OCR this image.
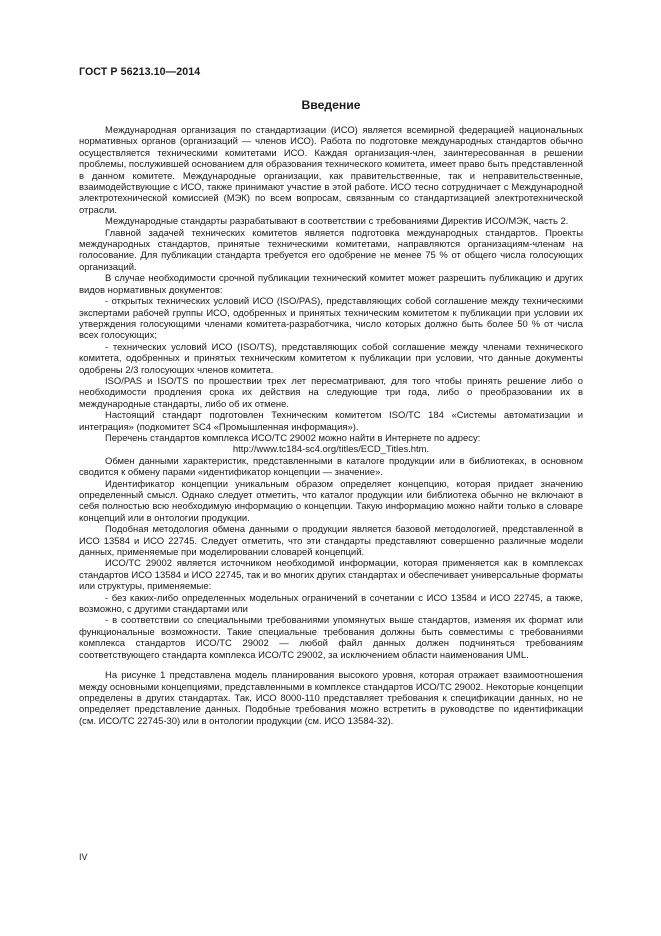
ГОСТ Р 56213.10—2014
Введение

Международная организация по стандартизации (ИСО) является всемирной федерацией национальных нормативных органов (организаций — членов ИСО). Работа по подготовке международных стандартов обычно осуществляется техническими комитетами ИСО. Каждая организация-член, заинтересованная в решении проблемы, послужившей основанием для образования технического комитета, имеет право быть представленной в данном комитете. Международные организации, как правительственные, так и неправительственные, взаимодействующие с ИСО, также принимают участие в этой работе. ИСО тесно сотрудничает с Международной электротехнической комиссией (МЭК) по всем вопросам, связанным со стандартизацией электротехнической отрасли.

Международные стандарты разрабатывают в соответствии с требованиями Директив ИСО/МЭК, часть 2.

Главной задачей технических комитетов является подготовка международных стандартов. Проекты международных стандартов, принятые техническими комитетами, направляются организациям-членам на голосование. Для публикации стандарта требуется его одобрение не менее 75 % от общего числа голосующих организаций.

В случае необходимости срочной публикации технический комитет может разрешить публикацию и других видов нормативных документов:

- открытых технических условий ИСО (ISO/PAS), представляющих собой соглашение между техническими экспертами рабочей группы ИСО, одобренных и принятых техническим комитетом к публикации при условии их утверждения голосующими членами комитета-разработчика, число которых должно быть более 50 % от числа всех голосующих;

- технических условий ИСО (ISO/TS), представляющих собой соглашение между членами технического комитета, одобренных и принятых техническим комитетом к публикации при условии, что данные документы одобрены 2/3 голосующих членов комитета.

ISO/PAS и ISO/TS по прошествии трех лет пересматривают, для того чтобы принять решение либо о необходимости продления срока их действия на следующие три года, либо о преобразовании их в международные стандарты, либо об их отмене.

Настоящий стандарт подготовлен Техническим комитетом ISO/TC 184 «Системы автоматизации и интеграция» (подкомитет SC4 «Промышленная информация»).

Перечень стандартов комплекса ИСО/ТС 29002 можно найти в Интернете по адресу:

http://www.tc184-sc4.org/titles/ECD_Titles.htm.

Обмен данными характеристик, представленными в каталоге продукции или в библиотеках, в основном сводится к обмену парами «идентификатор концепции — значение».

Идентификатор концепции уникальным образом определяет концепцию, которая придает значению определенный смысл. Однако следует отметить, что каталог продукции или библиотека обычно не включают в себя полностью всю необходимую информацию о концепции. Такую информацию можно найти только в словаре концепций или в онтологии продукции.

Подобная методология обмена данными о продукции является базовой методологией, представленной в ИСО 13584 и ИСО 22745. Следует отметить, что эти стандарты представляют совершенно различные модели данных, применяемые при моделировании словарей концепций.

ИСО/ТС 29002 является источником необходимой информации, которая применяется как в комплексах стандартов ИСО 13584 и ИСО 22745, так и во многих других стандартах и обеспечивает универсальные форматы или структуры, применяемые:

- без каких-либо определенных модельных ограничений в сочетании с ИСО 13584 и ИСО 22745, а также, возможно, с другими стандартами или

- в соответствии со специальными требованиями упомянутых выше стандартов, изменяя их формат или функциональные возможности. Такие специальные требования должны быть совместимы с требованиями комплекса стандартов ИСО/ТС 29002 — любой файл данных должен подчиняться требованиям соответствующего стандарта комплекса ИСО/ТС 29002, за исключением области наименования UML.

На рисунке 1 представлена модель планирования высокого уровня, которая отражает взаимоотношения между основными концепциями, представленными в комплексе стандартов ИСО/ТС 29002. Некоторые концепции определены в других стандартах. Так, ИСО 8000-110 представляет требования к спецификации данных, но не определяет представление данных. Подобные требования можно встретить в руководстве по идентификации (см. ИСО/ТС 22745-30) или в онтологии продукции (см. ИСО 13584-32).

IV
